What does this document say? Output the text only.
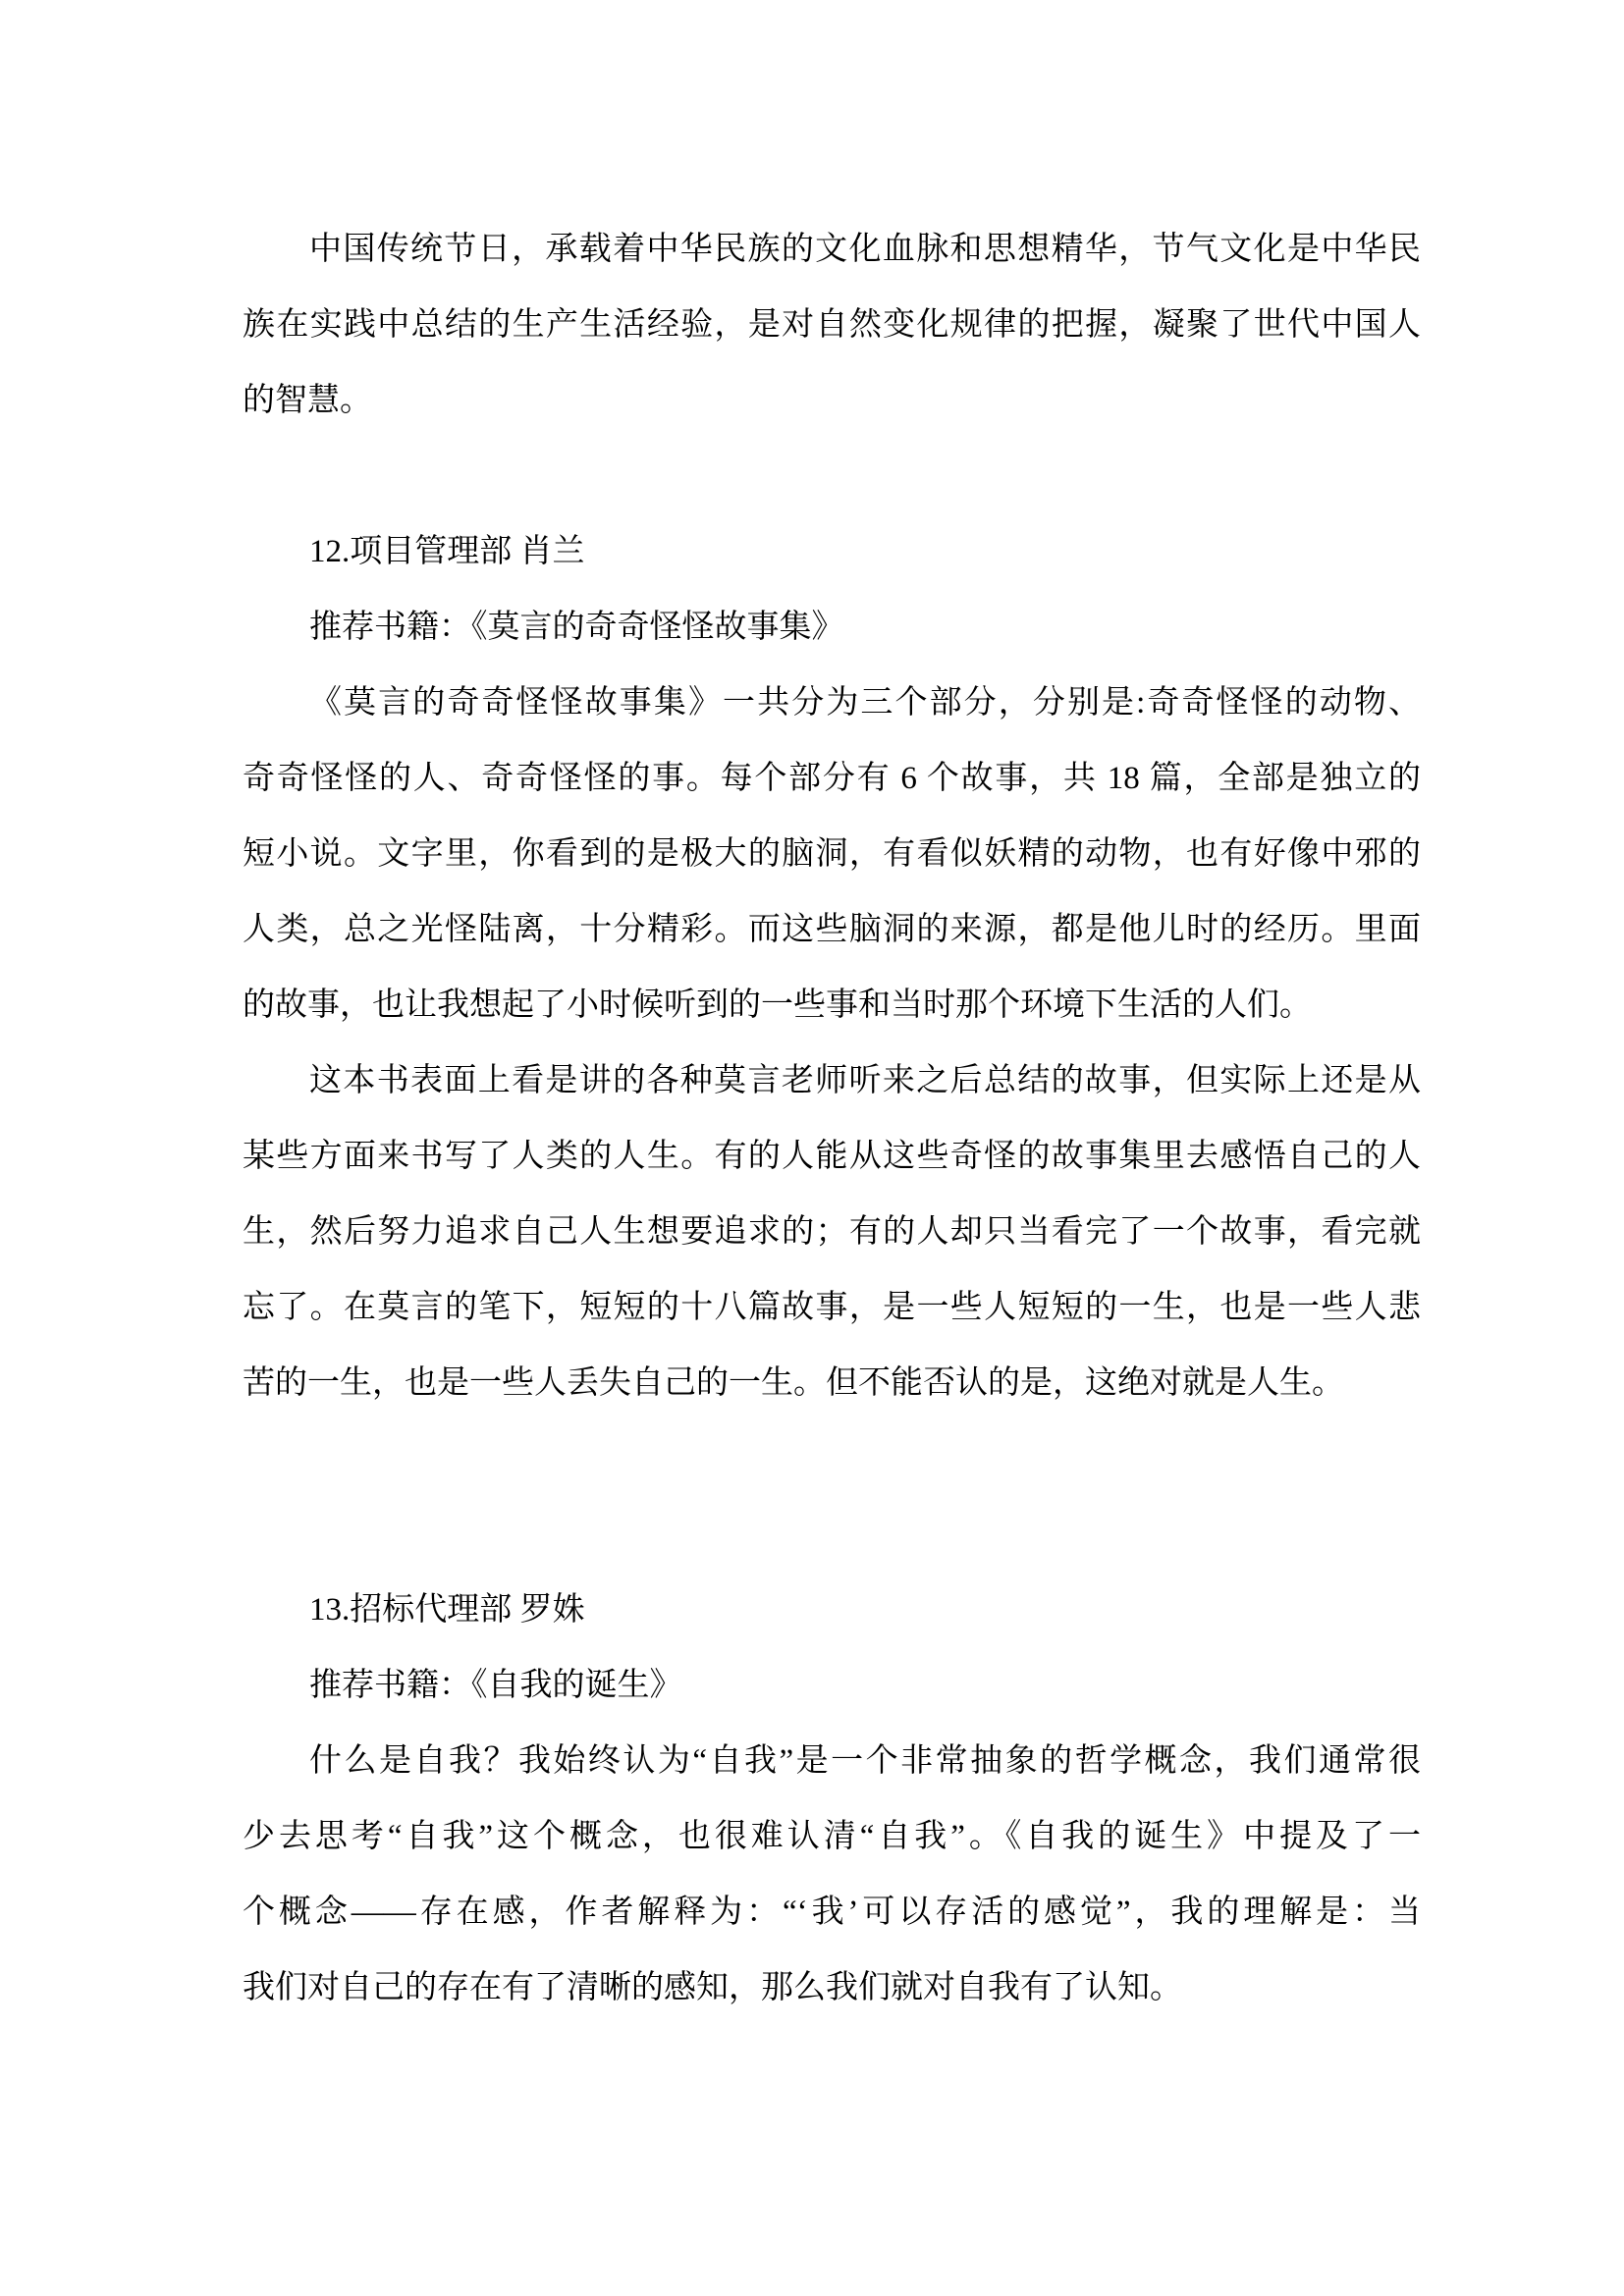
中国传统节日，承载着中华民族的文化血脉和思想精华，节气文化是中华民
族在实践中总结的生产生活经验，是对自然变化规律的把握，凝聚了世代中国人
的智慧。
12.项目管理部 肖兰
推荐书籍：《莫言的奇奇怪怪故事集》
《莫言的奇奇怪怪故事集》一共分为三个部分，分别是:奇奇怪怪的动物、
奇奇怪怪的人、奇奇怪怪的事。每个部分有 6 个故事，共 18 篇，全部是独立的
短小说。文字里，你看到的是极大的脑洞，有看似妖精的动物，也有好像中邪的
人类，总之光怪陆离，十分精彩。而这些脑洞的来源，都是他儿时的经历。里面
的故事，也让我想起了小时候听到的一些事和当时那个环境下生活的人们。
这本书表面上看是讲的各种莫言老师听来之后总结的故事，但实际上还是从
某些方面来书写了人类的人生。有的人能从这些奇怪的故事集里去感悟自己的人
生，然后努力追求自己人生想要追求的；有的人却只当看完了一个故事，看完就
忘了。在莫言的笔下，短短的十八篇故事，是一些人短短的一生，也是一些人悲
苦的一生，也是一些人丢失自己的一生。但不能否认的是，这绝对就是人生。
13.招标代理部 罗姝
推荐书籍：《自我的诞生》
什么是自我？我始终认为“自我”是一个非常抽象的哲学概念，我们通常很
少去思考“自我”这个概念，也很难认清“自我”。《自我的诞生》中提及了一
个概念——存在感，作者解释为：“‘我’可以存活的感觉”，我的理解是：当
我们对自己的存在有了清晰的感知，那么我们就对自我有了认知。
